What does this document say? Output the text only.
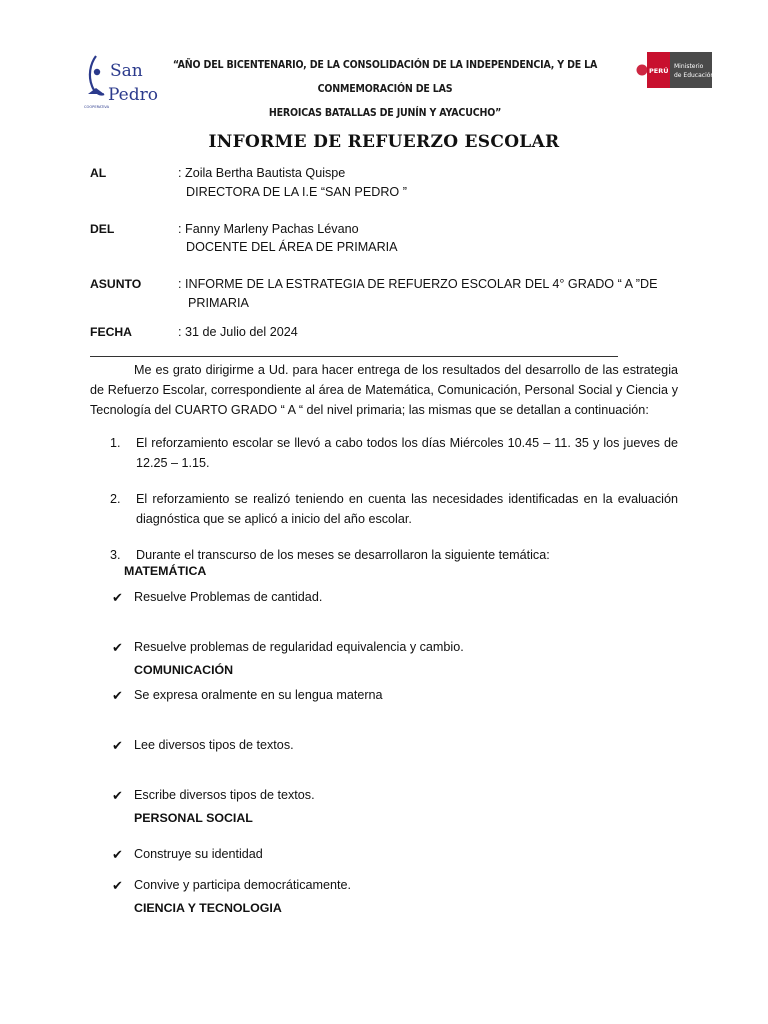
San
Pedro
COOPERATIVA
“AÑO DEL BICENTENARIO, DE LA CONSOLIDACIÓN DE LA INDEPENDENCIA, Y DE LA CONMEMORACIÓN DE LAS
HEROICAS BATALLAS DE JUNÍN Y AYACUCHO”
PERÚ
Ministerio
de Educación
INFORME DE REFUERZO ESCOLAR
AL	: Zoila Bertha Bautista Quispe
DIRECTORA DE LA I.E “SAN PEDRO ”
DEL	: Fanny Marleny Pachas Lévano
DOCENTE DEL ÁREA DE PRIMARIA
ASUNTO	: INFORME DE LA ESTRATEGIA DE REFUERZO ESCOLAR DEL 4° GRADO “ A ”DE
PRIMARIA
FECHA	: 31 de Julio del 2024
Me es grato dirigirme a Ud. para hacer entrega de los resultados del desarrollo de las estrategia de Refuerzo Escolar, correspondiente al área de Matemática, Comunicación, Personal Social y Ciencia y Tecnología del CUARTO GRADO “ A “ del nivel primaria; las mismas que se detallan a continuación:
1. El reforzamiento escolar se llevó a cabo todos los días Miércoles 10.45 – 11. 35 y los jueves de 12.25 – 1.15.
2. El reforzamiento se realizó teniendo en cuenta las necesidades identificadas en la evaluación diagnóstica que se aplicó a inicio del año escolar.
3. Durante el transcurso de los meses se desarrollaron la siguiente temática:
MATEMÁTICA
✔ Resuelve Problemas de cantidad.
✔ Resuelve problemas de regularidad equivalencia y cambio.
COMUNICACIÓN
✔ Se expresa oralmente en su lengua materna
✔ Lee diversos tipos de textos.
✔ Escribe diversos tipos de textos.
PERSONAL SOCIAL
✔ Construye su identidad
✔ Convive y participa democráticamente.
CIENCIA Y TECNOLOGIA
